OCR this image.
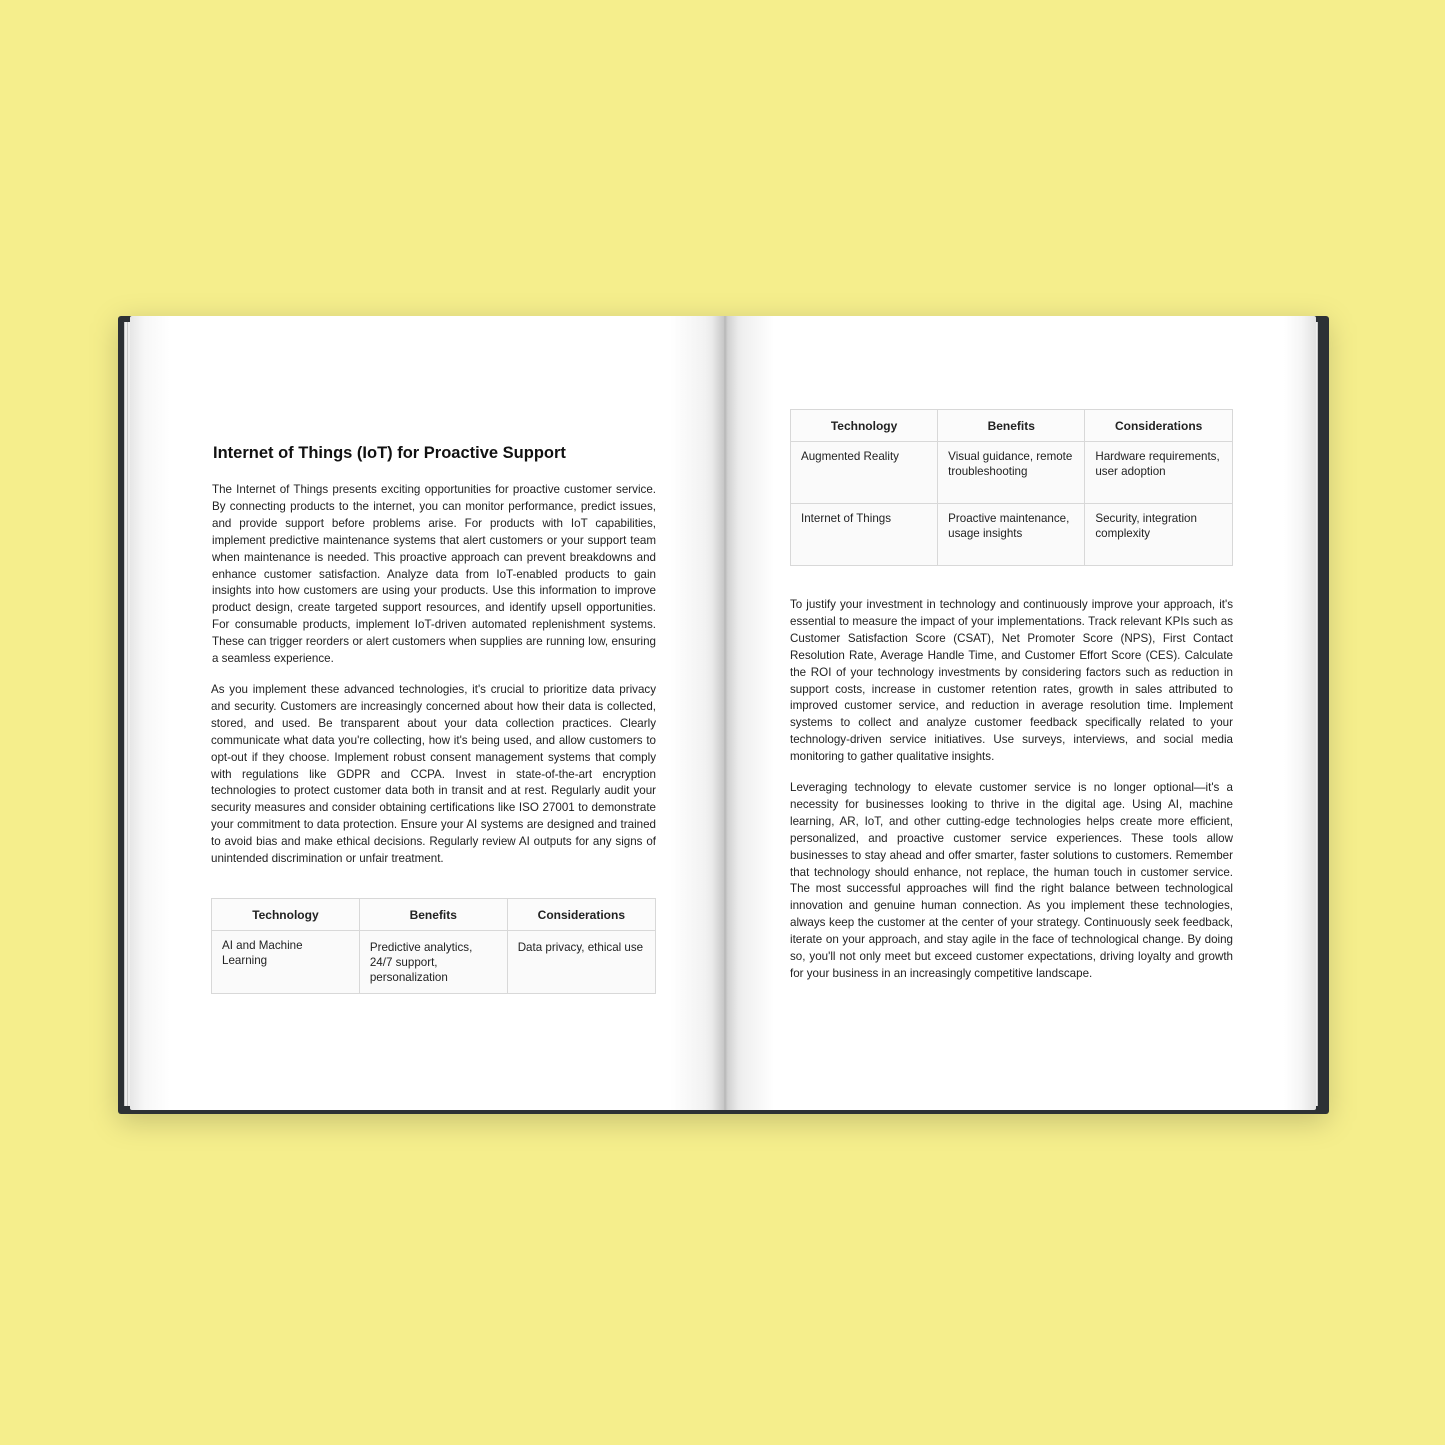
Internet of Things (IoT) for Proactive Support

The Internet of Things presents exciting opportunities for proactive customer service. By connecting products to the internet, you can monitor performance, predict issues, and provide support before problems arise. For products with IoT capabilities, implement predictive maintenance systems that alert customers or your support team when maintenance is needed. This proactive approach can prevent breakdowns and enhance customer satisfaction. Analyze data from IoT-enabled products to gain insights into how customers are using your products. Use this information to improve product design, create targeted support resources, and identify upsell opportunities. For consumable products, implement IoT-driven automated replenishment systems. These can trigger reorders or alert customers when supplies are running low, ensuring a seamless experience.

As you implement these advanced technologies, it's crucial to prioritize data privacy and security. Customers are increasingly concerned about how their data is collected, stored, and used. Be transparent about your data collection practices. Clearly communicate what data you're collecting, how it's being used, and allow customers to opt-out if they choose. Implement robust consent management systems that comply with regulations like GDPR and CCPA. Invest in state-of-the-art encryption technologies to protect customer data both in transit and at rest. Regularly audit your security measures and consider obtaining certifications like ISO 27001 to demonstrate your commitment to data protection. Ensure your AI systems are designed and trained to avoid bias and make ethical decisions. Regularly review AI outputs for any signs of unintended discrimination or unfair treatment.

Technology	Benefits	Considerations
AI and Machine Learning	Predictive analytics, 24/7 support, personalization	Data privacy, ethical use
Technology	Benefits	Considerations
Augmented Reality	Visual guidance, remote troubleshooting	Hardware requirements, user adoption
Internet of Things	Proactive maintenance, usage insights	Security, integration complexity

To justify your investment in technology and continuously improve your approach, it's essential to measure the impact of your implementations. Track relevant KPIs such as Customer Satisfaction Score (CSAT), Net Promoter Score (NPS), First Contact Resolution Rate, Average Handle Time, and Customer Effort Score (CES). Calculate the ROI of your technology investments by considering factors such as reduction in support costs, increase in customer retention rates, growth in sales attributed to improved customer service, and reduction in average resolution time. Implement systems to collect and analyze customer feedback specifically related to your technology-driven service initiatives. Use surveys, interviews, and social media monitoring to gather qualitative insights.

Leveraging technology to elevate customer service is no longer optional—it's a necessity for businesses looking to thrive in the digital age. Using AI, machine learning, AR, IoT, and other cutting-edge technologies helps create more efficient, personalized, and proactive customer service experiences. These tools allow businesses to stay ahead and offer smarter, faster solutions to customers. Remember that technology should enhance, not replace, the human touch in customer service. The most successful approaches will find the right balance between technological innovation and genuine human connection. As you implement these technologies, always keep the customer at the center of your strategy. Continuously seek feedback, iterate on your approach, and stay agile in the face of technological change. By doing so, you'll not only meet but exceed customer expectations, driving loyalty and growth for your business in an increasingly competitive landscape.
